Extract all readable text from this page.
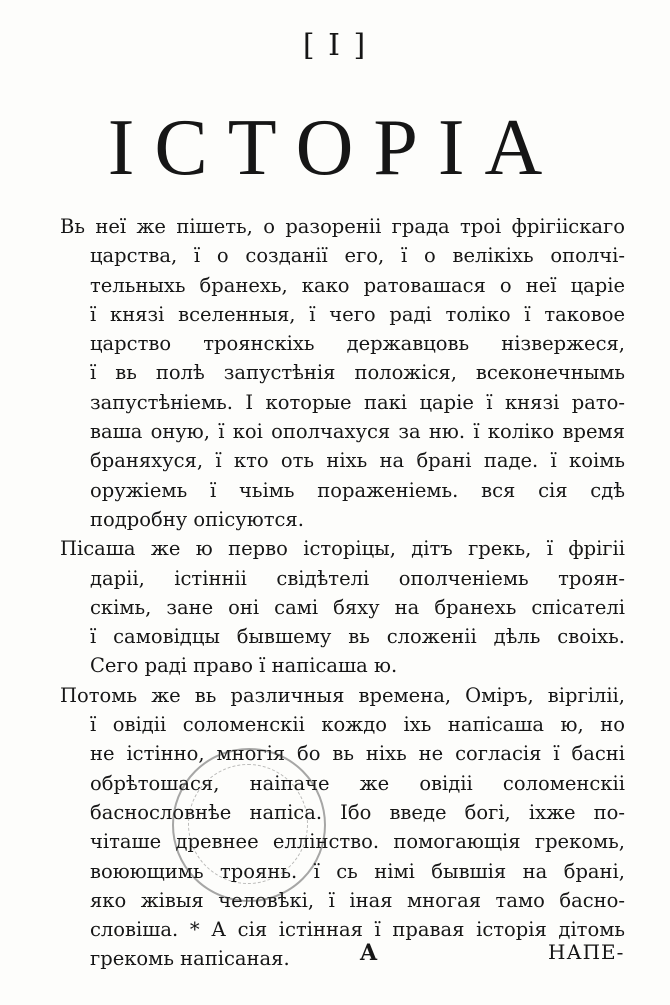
[ I ]
ІСТОРІА
Вь неї же пішеть, о разореніі града троі фрігііскаго
царства, ї о созданії его, ї о велікіхь ополчі-
тельныхь бранехь, како ратовашася о неї царіе
ї князі вселенныя, ї чего раді толіко ї таковое
царство троянскіхь державцовь нізвержеся,
ї вь полѣ запустѣнія положіся, всеконечнымь
запустѣніемь. І которые пакі царіе ї князі рато-
ваша оную, ї коі ополчахуся за ню. ї коліко время
браняхуся, ї кто оть ніхь на брані паде. ї коімь
оружіемь ї чьімь пораженіемь. вся сія сдѣ
подробну опісуются.
Пісаша же ю перво історіцы, дітъ грекь, ї фрігіі
даріі, істінніі свідѣтелі ополченіемь троян-
скімь, зане оні самі бяху на бранехь спісателі
ї самовідцы бывшему вь сложеніі дѣль своіхь.
Сего раді право ї напісаша ю.
Потомь же вь различныя времена, Оміръ, віргіліі,
ї овідіі соломенскіі кождо іхь напісаша ю, но
не істінно, многія бо вь ніхь не согласія ї басні
обрѣтошася, наіпаче же овідіі соломенскіі
баснословнѣе напіса. Ібо введе богі, іхже по-
чіташе древнее еллінство. помогающія грекомь,
воюющимь троянь. ї сь німі бывшія на брані,
яко жівыя человѣкі, ї іная многая тамо басно-
словіша. * А сія істінная ї правая історія дітомь
грекомь напісаная.	A	НАПЕ-
